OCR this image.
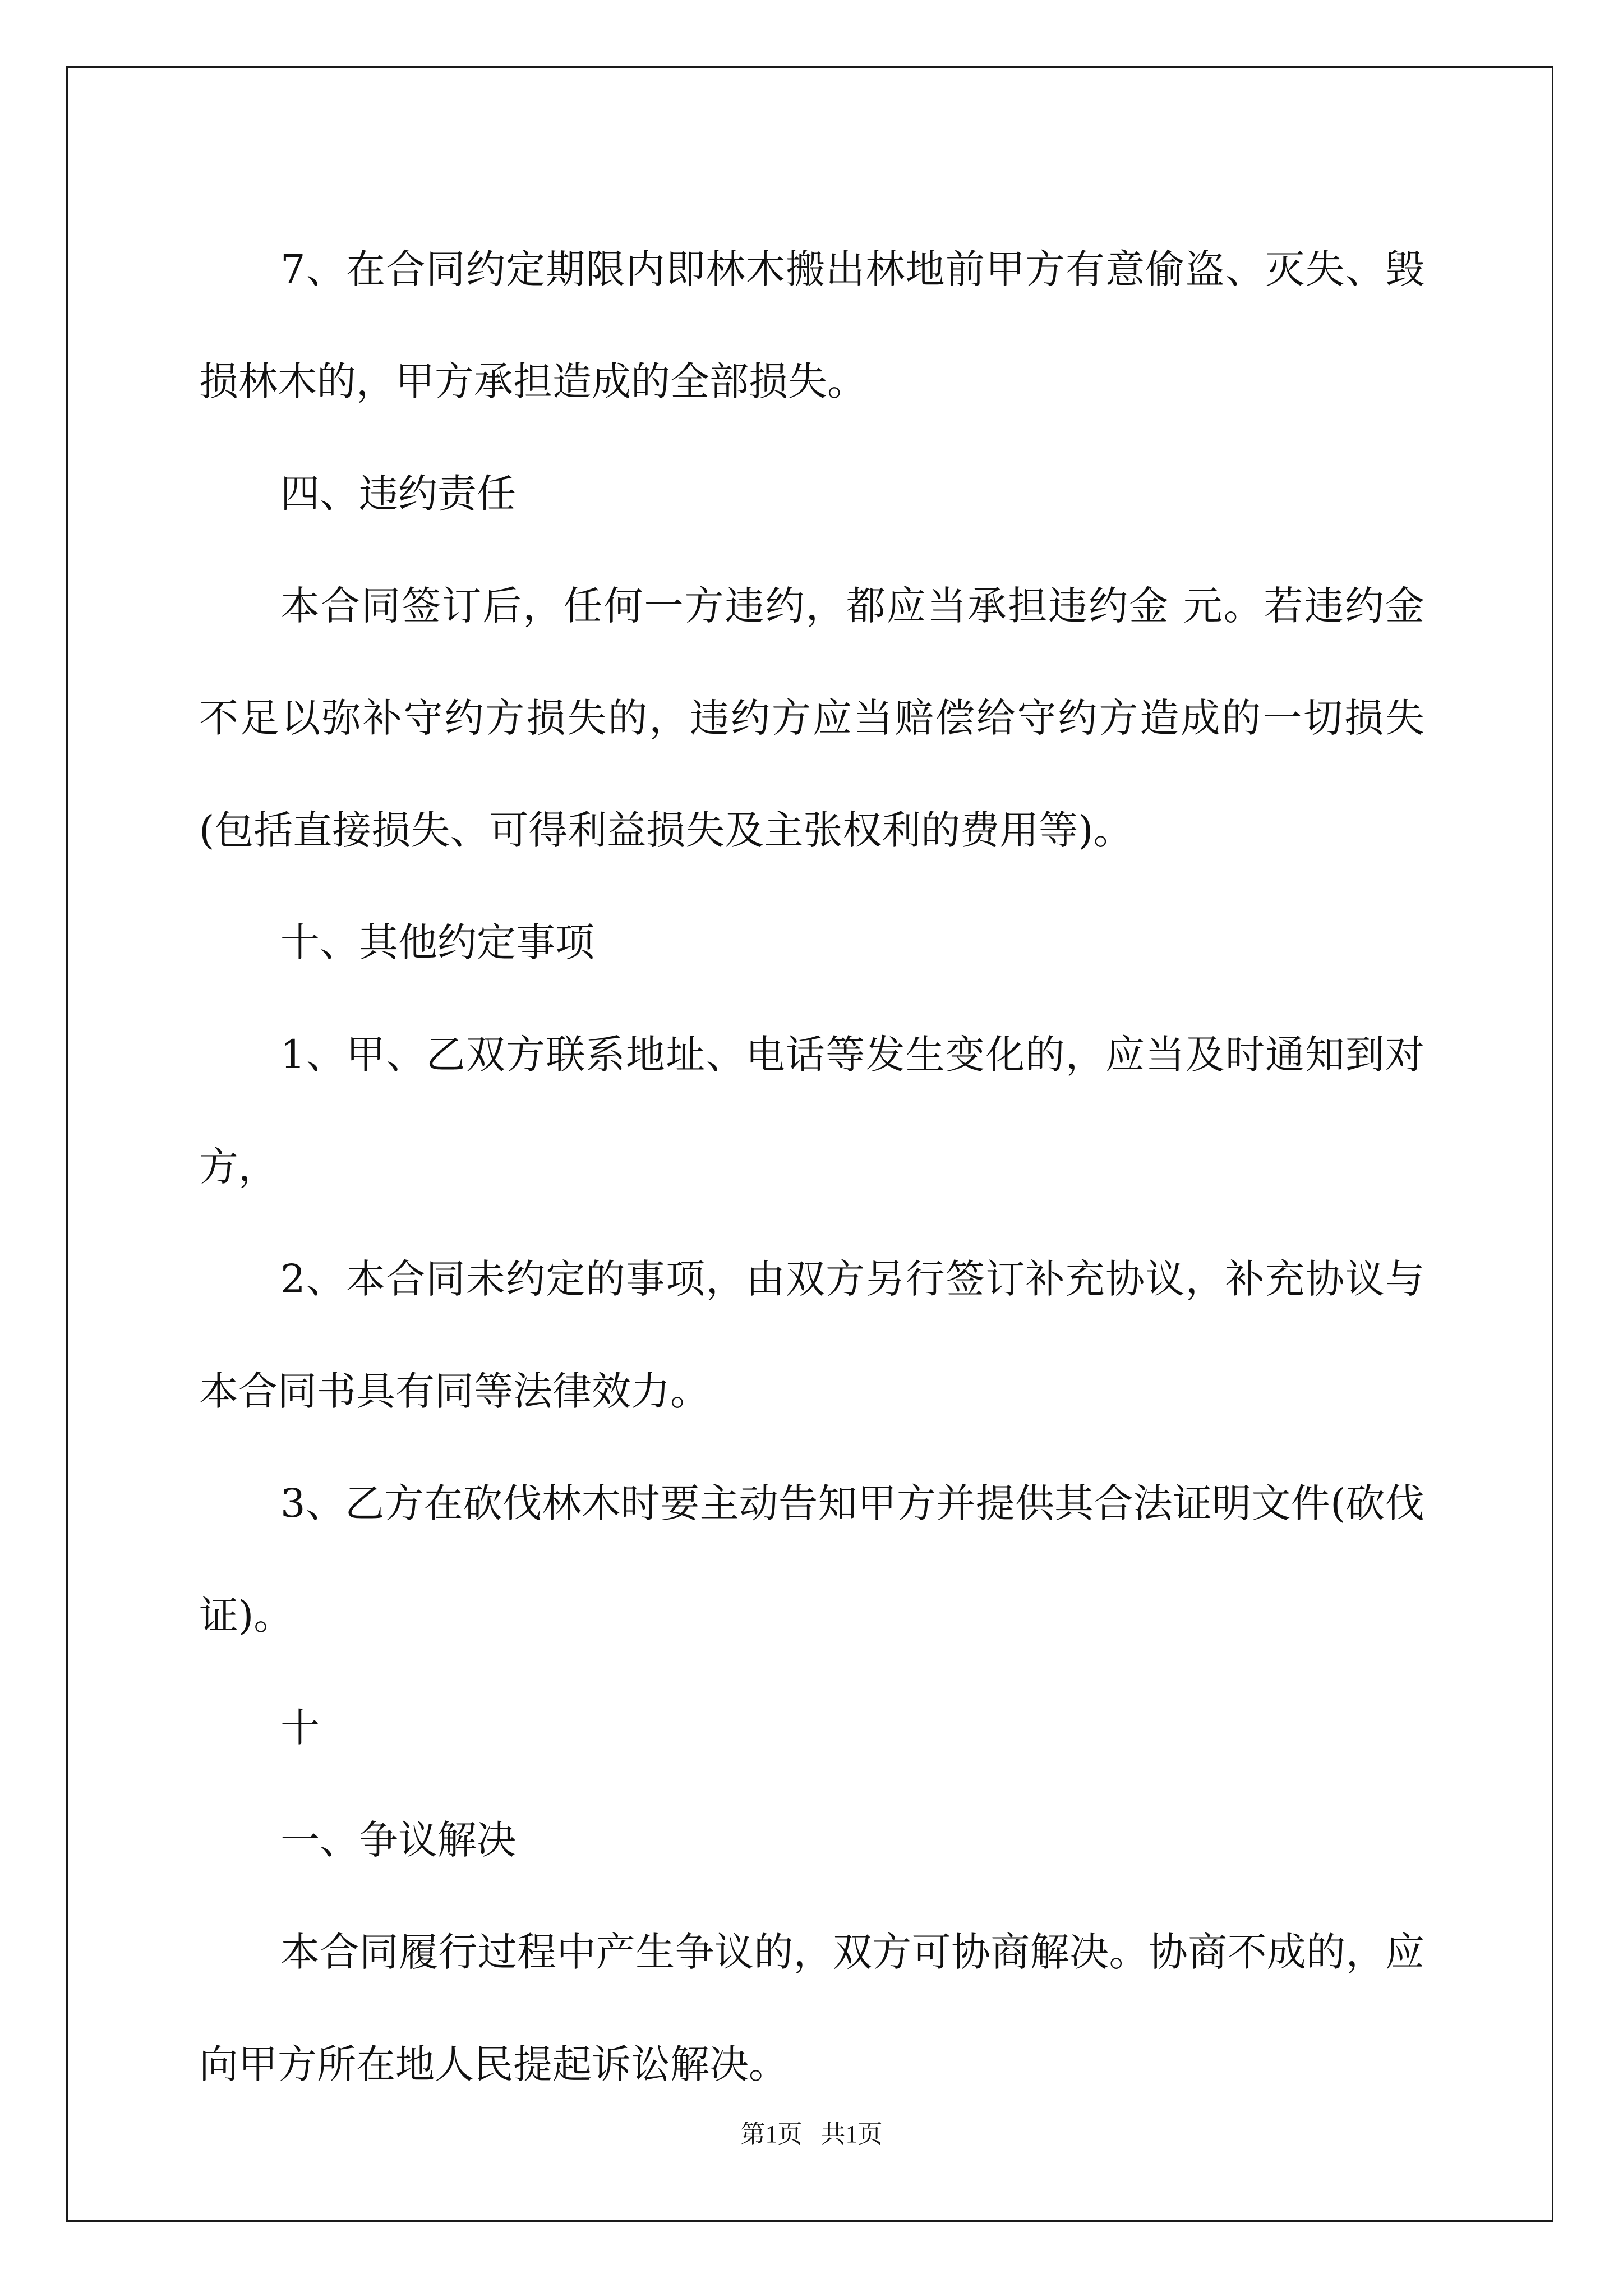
7、在合同约定期限内即林木搬出林地前甲方有意偷盗、灭失、毁损林木的，甲方承担造成的全部损失。

四、违约责任

本合同签订后，任何一方违约，都应当承担违约金 元。若违约金不足以弥补守约方损失的，违约方应当赔偿给守约方造成的一切损失(包括直接损失、可得利益损失及主张权利的费用等)。

十、其他约定事项

1、甲、乙双方联系地址、电话等发生变化的，应当及时通知到对方，

2、本合同未约定的事项，由双方另行签订补充协议，补充协议与本合同书具有同等法律效力。

3、乙方在砍伐林木时要主动告知甲方并提供其合法证明文件(砍伐证)。

十

一、争议解决

本合同履行过程中产生争议的，双方可协商解决。协商不成的，应向甲方所在地人民提起诉讼解决。

第1页 共1页
